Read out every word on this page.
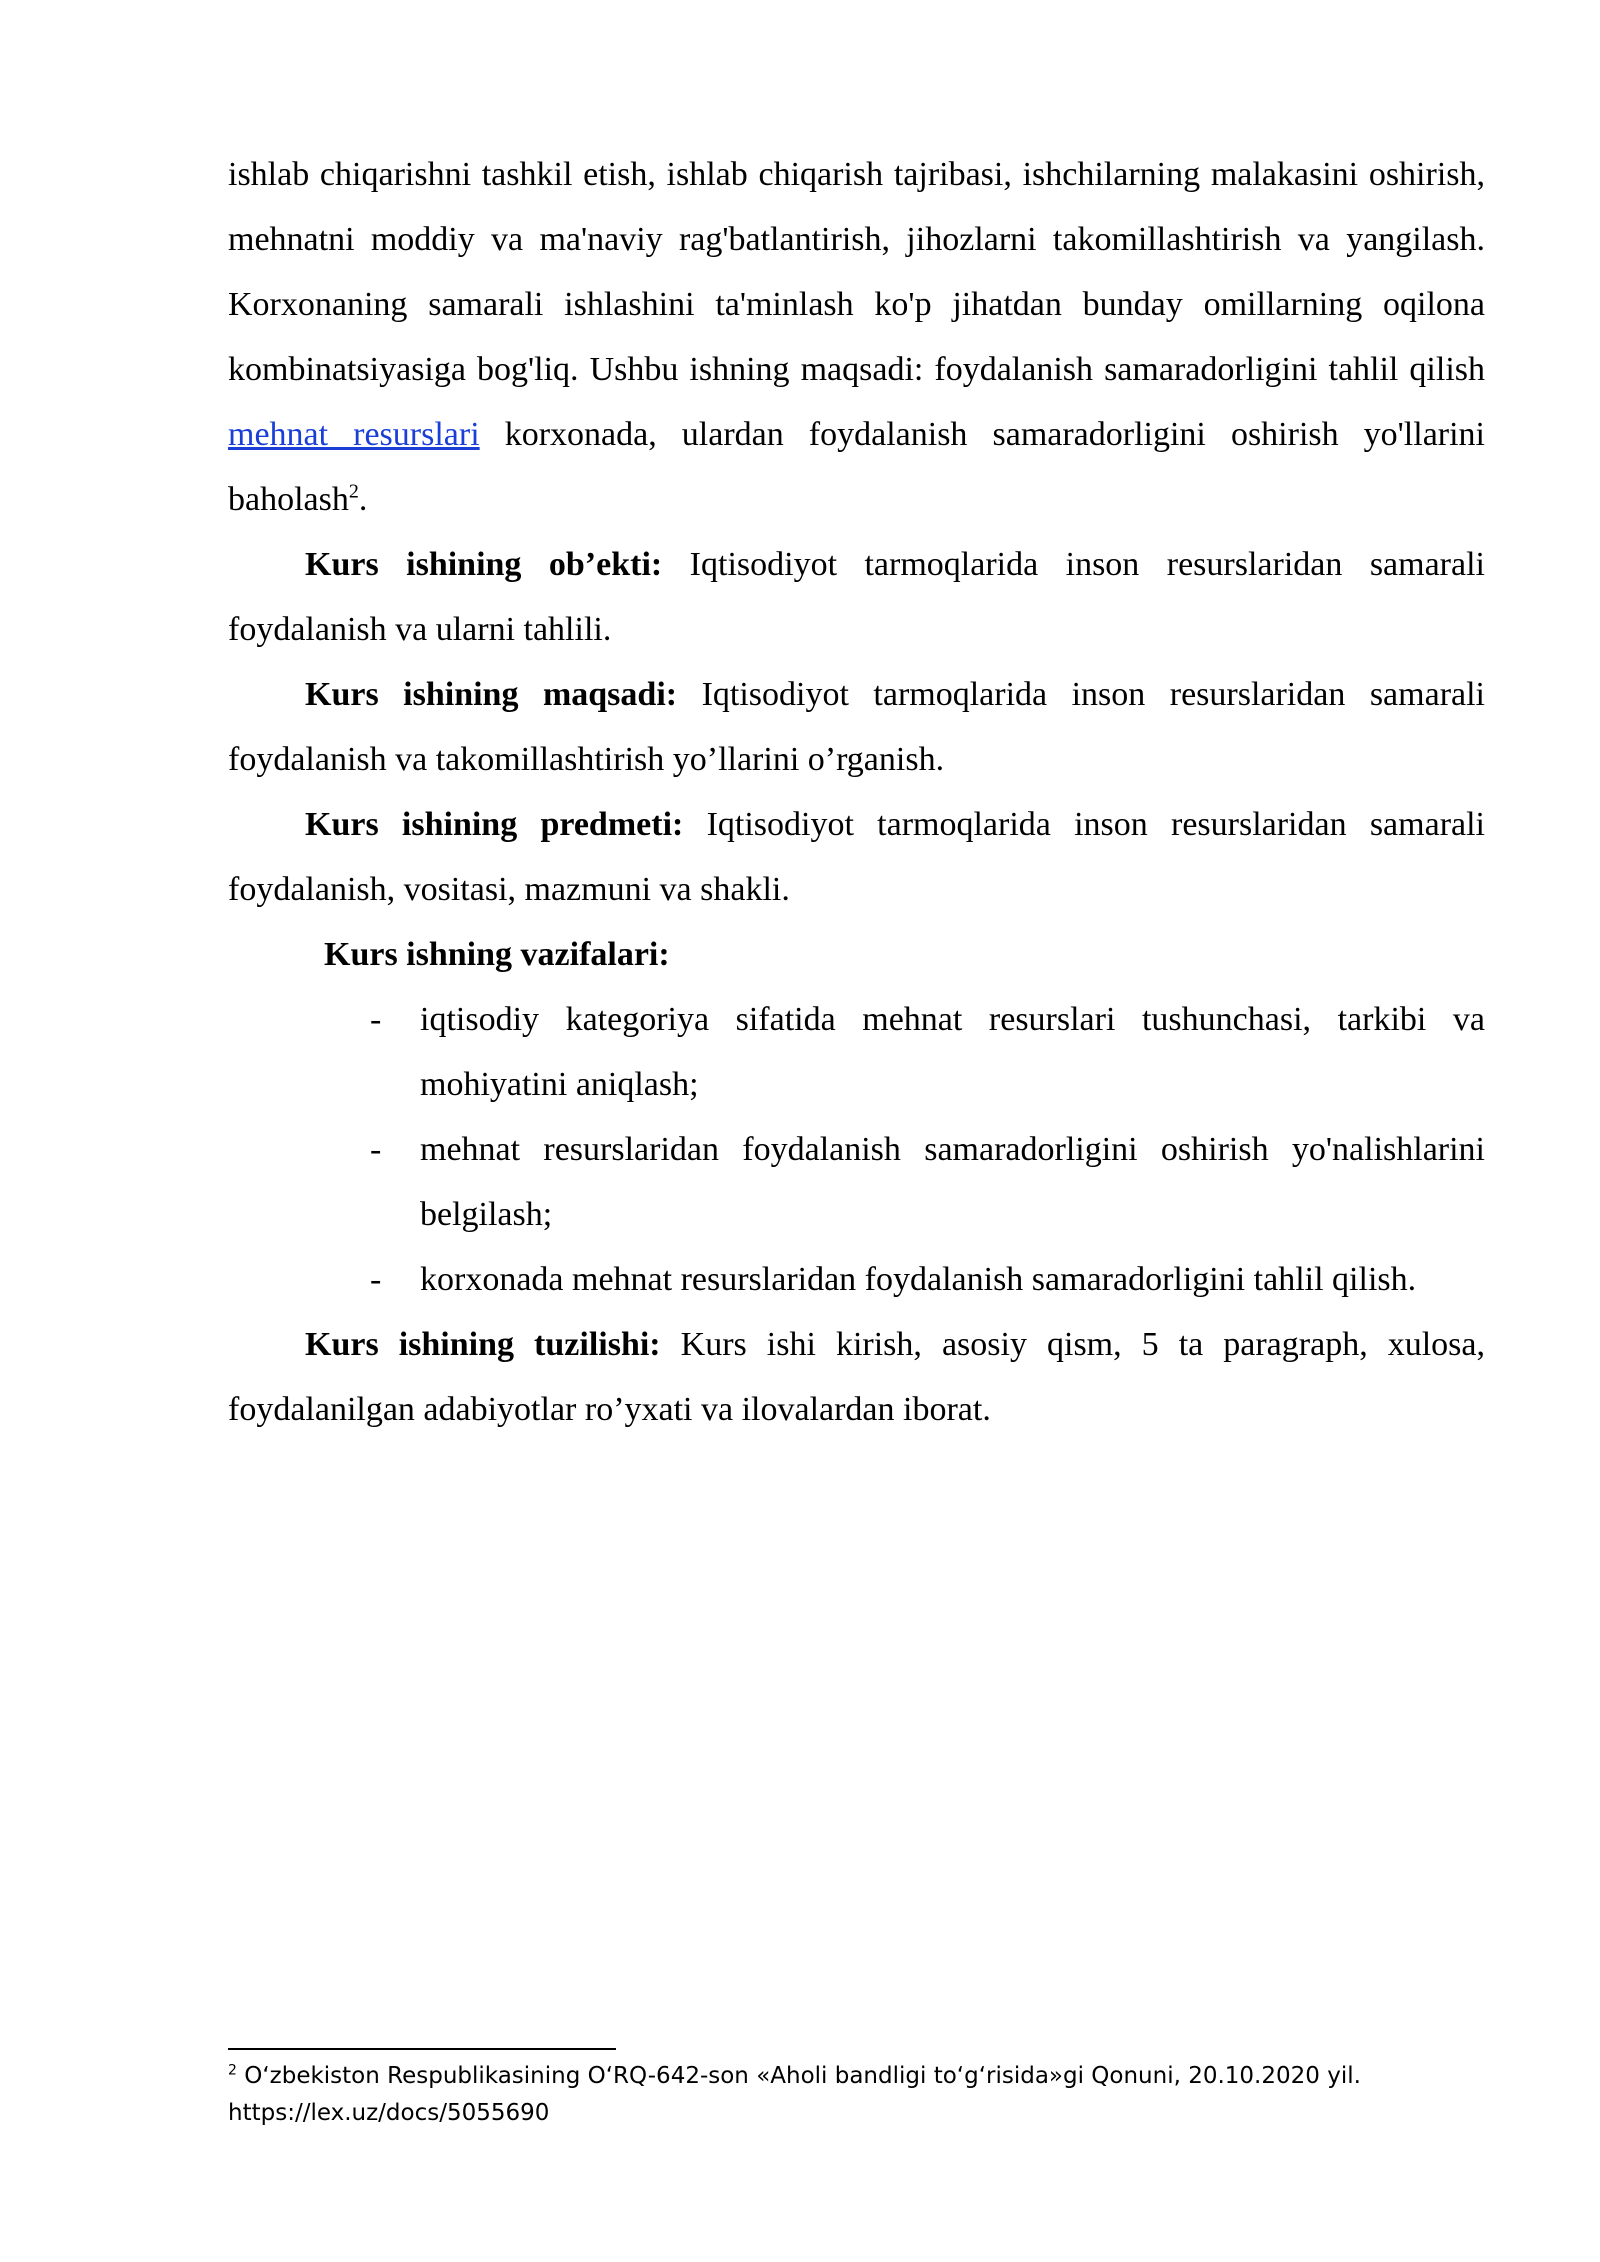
ishlab chiqarishni tashkil etish, ishlab chiqarish tajribasi, ishchilarning malakasini oshirish, mehnatni moddiy va ma'naviy rag'batlantirish, jihozlarni takomillashtirish va yangilash. Korxonaning samarali ishlashini ta'minlash ko'p jihatdan bunday omillarning oqilona kombinatsiyasiga bog'liq. Ushbu ishning maqsadi: foydalanish samaradorligini tahlil qilish mehnat resurslari korxonada, ulardan foydalanish samaradorligini oshirish yo'llarini baholash$^2$.

Kurs ishining ob’ekti: Iqtisodiyot tarmoqlarida inson resurslaridan samarali foydalanish va ularni tahlili.

Kurs ishining maqsadi: Iqtisodiyot tarmoqlarida inson resurslaridan samarali foydalanish va takomillashtirish yo’llarini o’rganish.

Kurs ishining predmeti: Iqtisodiyot tarmoqlarida inson resurslaridan samarali foydalanish, vositasi, mazmuni va shakli.

Kurs ishning vazifalari:

- iqtisodiy kategoriya sifatida mehnat resurslari tushunchasi, tarkibi va mohiyatini aniqlash;
- mehnat resurslaridan foydalanish samaradorligini oshirish yo'nalishlarini belgilash;
- korxonada mehnat resurslaridan foydalanish samaradorligini tahlil qilish.

Kurs ishining tuzilishi: Kurs ishi kirish, asosiy qism, 5 ta paragraph, xulosa, foydalanilgan adabiyotlar ro’yxati va ilovalardan iborat.

$^2$ O‘zbekiston Respublikasining O‘RQ-642-son «Aholi bandligi to‘g‘risida»gi Qonuni, 20.10.2020 yil.

https://lex.uz/docs/5055690
